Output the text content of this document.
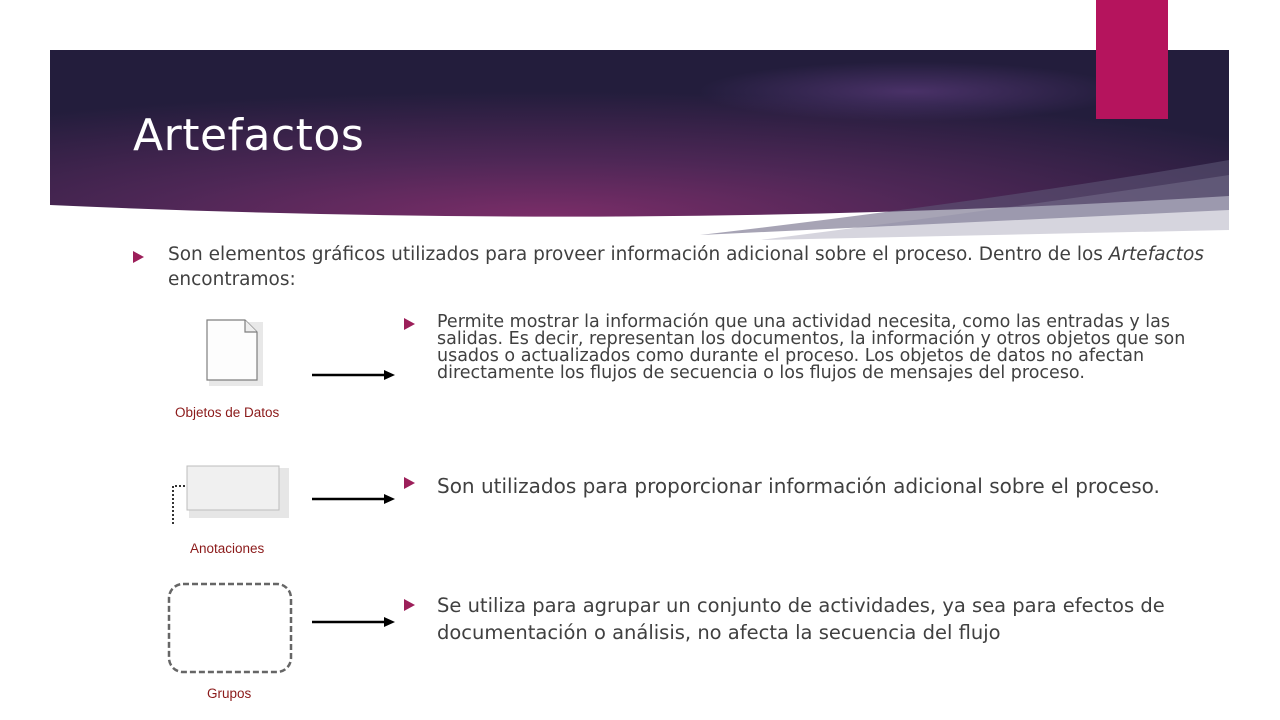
Artefactos
Son elementos gráficos utilizados para proveer información adicional sobre el proceso. Dentro de los Artefactos encontramos:
Objetos de Datos
Permite mostrar la información que una actividad necesita, como las entradas y las salidas. Es decir, representan los documentos, la información y otros objetos que son usados o actualizados como durante el proceso. Los objetos de datos no afectan directamente los flujos de secuencia o los flujos de mensajes del proceso.
Anotaciones
Son utilizados para proporcionar información adicional sobre el proceso.
Grupos
Se utiliza para agrupar un conjunto de actividades, ya sea para efectos de documentación o análisis, no afecta la secuencia del flujo
